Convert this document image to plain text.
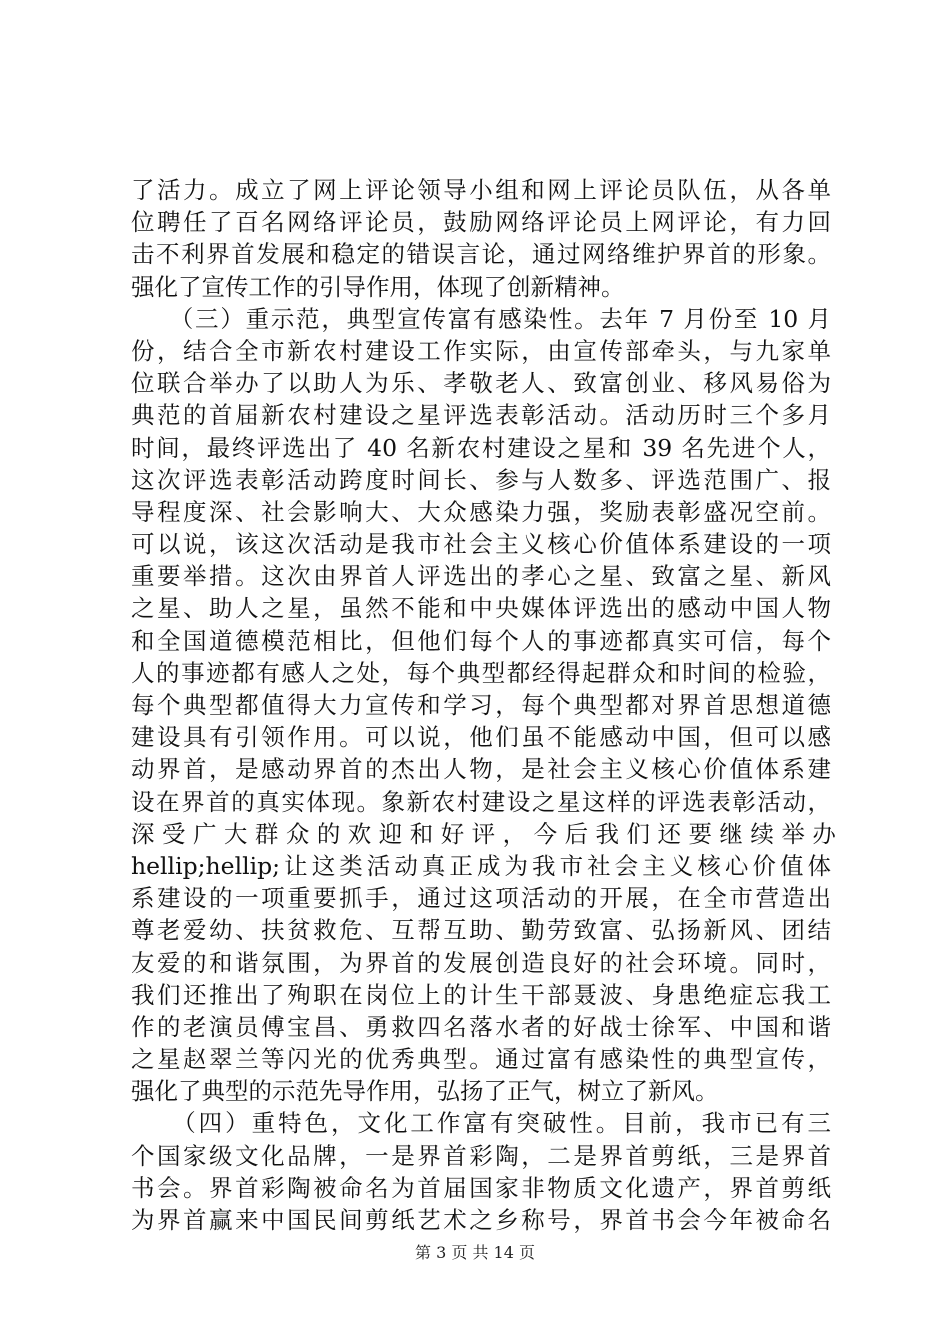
了活力。成立了网上评论领导小组和网上评论员队伍，从各单
位聘任了百名网络评论员，鼓励网络评论员上网评论，有力回
击不利界首发展和稳定的错误言论，通过网络维护界首的形象。
强化了宣传工作的引导作用，体现了创新精神。
　　（三）重示范，典型宣传富有感染性。去年 7 月份至 10 月
份，结合全市新农村建设工作实际，由宣传部牵头，与九家单
位联合举办了以助人为乐、孝敬老人、致富创业、移风易俗为
典范的首届新农村建设之星评选表彰活动。活动历时三个多月
时间，最终评选出了 40 名新农村建设之星和 39 名先进个人，
这次评选表彰活动跨度时间长、参与人数多、评选范围广、报
导程度深、社会影响大、大众感染力强，奖励表彰盛况空前。
可以说，该这次活动是我市社会主义核心价值体系建设的一项
重要举措。这次由界首人评选出的孝心之星、致富之星、新风
之星、助人之星，虽然不能和中央媒体评选出的感动中国人物
和全国道德模范相比，但他们每个人的事迹都真实可信，每个
人的事迹都有感人之处，每个典型都经得起群众和时间的检验，
每个典型都值得大力宣传和学习，每个典型都对界首思想道德
建设具有引领作用。可以说，他们虽不能感动中国，但可以感
动界首，是感动界首的杰出人物，是社会主义核心价值体系建
设在界首的真实体现。象新农村建设之星这样的评选表彰活动，
深 受 广 大 群 众 的 欢 迎 和 好 评 ， 今 后 我 们 还 要 继 续 举 办
hellip;hellip;让这类活动真正成为我市社会主义核心价值体
系建设的一项重要抓手，通过这项活动的开展，在全市营造出
尊老爱幼、扶贫救危、互帮互助、勤劳致富、弘扬新风、团结
友爱的和谐氛围，为界首的发展创造良好的社会环境。同时，
我们还推出了殉职在岗位上的计生干部聂波、身患绝症忘我工
作的老演员傅宝昌、勇救四名落水者的好战士徐军、中国和谐
之星赵翠兰等闪光的优秀典型。通过富有感染性的典型宣传，
强化了典型的示范先导作用，弘扬了正气，树立了新风。
　　（四）重特色，文化工作富有突破性。目前，我市已有三
个国家级文化品牌，一是界首彩陶，二是界首剪纸，三是界首
书会。界首彩陶被命名为首届国家非物质文化遗产，界首剪纸
为界首赢来中国民间剪纸艺术之乡称号，界首书会今年被命名
第 3 页 共 14 页
